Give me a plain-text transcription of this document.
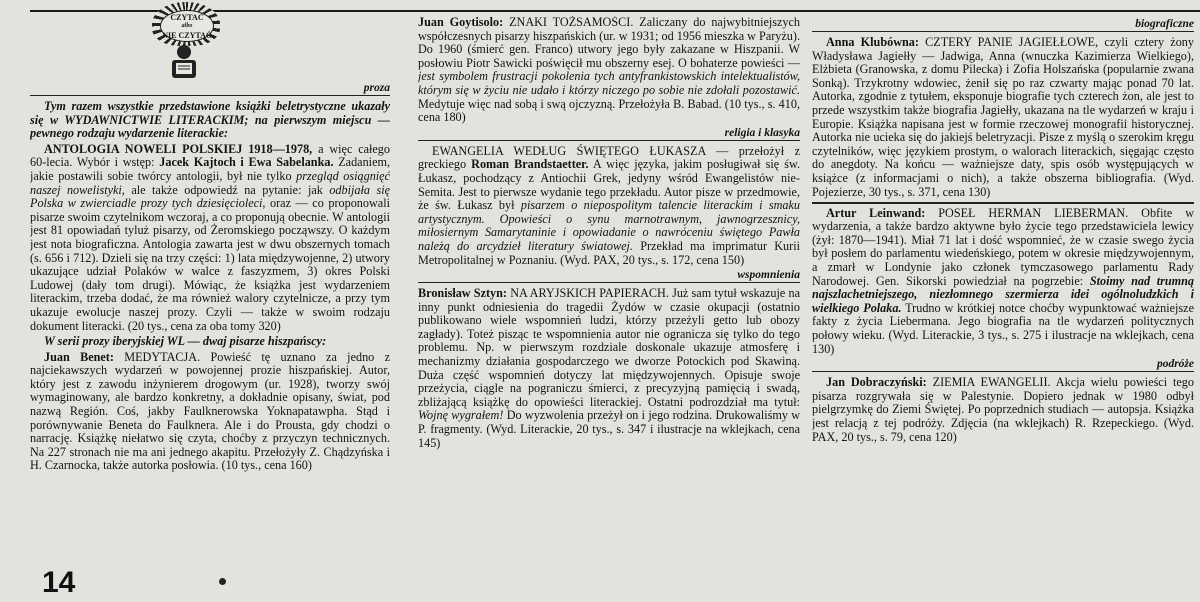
CZYTAĆ
albo
NIE CZYTAĆ
proza

Tym razem wszystkie przedstawione książki beletrystyczne ukazały się w WYDAWNICTWIE LITERACKIM; na pierwszym miejscu — pewnego rodzaju wydarzenie literackie:

ANTOLOGIA NOWELI POLSKIEJ 1918—1978, a więc całego 60-lecia. Wybór i wstęp: Jacek Kajtoch i Ewa Sabelanka. Zadaniem, jakie postawili sobie twórcy antologii, był nie tylko przegląd osiągnięć naszej nowelistyki, ale także odpowiedź na pytanie: jak odbijała się Polska w zwierciadle prozy tych dziesięcioleci, oraz — co proponowali pisarze swoim czytelnikom wczoraj, a co proponują obecnie. W antologii jest 81 opowiadań tyluż pisarzy, od Żeromskiego począwszy. O każdym jest nota biograficzna. Antologia zawarta jest w dwu obszernych tomach (s. 656 i 712). Dzieli się na trzy części: 1) lata międzywojenne, 2) utwory ukazujące udział Polaków w walce z faszyzmem, 3) okres Polski Ludowej (dały tom drugi). Mówiąc, że książka jest wydarzeniem literackim, trzeba dodać, że ma również walory czytelnicze, a przy tym ukazuje ewolucje naszej prozy. Czyli — także w swoim rodzaju dokument literacki. (20 tys., cena za oba tomy 320)

W serii prozy iberyjskiej WL — dwaj pisarze hiszpańscy:

Juan Benet: MEDYTACJA. Powieść tę uznano za jedno z najciekawszych wydarzeń w powojennej prozie hiszpańskiej. Autor, który jest z zawodu inżynierem drogowym (ur. 1928), tworzy swój wymaginowany, ale bardzo konkretny, a dokładnie opisany, świat, pod nazwą Región. Coś, jakby Faulknerowska Yoknapatawpha. Stąd i porównywanie Beneta do Faulknera. Ale i do Prousta, gdy chodzi o narrację. Książkę niełatwo się czyta, choćby z przyczyn technicznych. Na 227 stronach nie ma ani jednego akapitu. Przełożyły Z. Chądzyńska i H. Czarnocka, także autorka posłowia. (10 tys., cena 160)

Juan Goytisolo: ZNAKI TOŻSAMOŚCI. Zaliczany do najwybitniejszych współczesnych pisarzy hiszpańskich (ur. w 1931; od 1956 mieszka w Paryżu). Do 1960 (śmierć gen. Franco) utwory jego były zakazane w Hiszpanii. W posłowiu Piotr Sawicki poświęcił mu obszerny esej. O bohaterze powieści — jest symbolem frustracji pokolenia tych antyfrankistowskich intelektualistów, którym się w życiu nie udało i którzy niczego po sobie nie zdołali pozostawić. Medytuje więc nad sobą i swą ojczyzną. Przełożyła B. Babad. (10 tys., s. 410, cena 180)

religia i klasyka

EWANGELIA WEDŁUG ŚWIĘTEGO ŁUKASZA — przełożył z greckiego Roman Brandstaetter. A więc języka, jakim posługiwał się św. Łukasz, pochodzący z Antiochii Grek, jedyny wśród Ewangelistów nie-Semita. Jest to pierwsze wydanie tego przekładu. Autor pisze w przedmowie, że św. Łukasz był pisarzem o niepospolitym talencie literackim i smaku artystycznym. Opowieści o synu marnotrawnym, jawnogrzeszniсy, miłosiernym Samarytaninie i opowiadanie o nawróceniu świętego Pawła należą do arcydzieł literatury światowej. Przekład ma imprimatur Kurii Metropolitalnej w Poznaniu. (Wyd. PAX, 20 tys., s. 172, cena 150)

wspomnienia

Bronisław Sztyn: NA ARYJSKICH PAPIERACH. Już sam tytuł wskazuje na inny punkt odniesienia do tragedii Żydów w czasie okupacji (ostatnio publikowano wiele wspomnień ludzi, którzy przeżyli getto lub obozy zagłady). Toteż pisząc te wspomnienia autor nie ogranicza się tylko do tego problemu. Np. w pierwszym rozdziale doskonale ukazuje atmosferę i mechanizmy działania gospodarczego we dworze Potockich pod Skawiną. Duża część wspomnień dotyczy lat międzywojennych. Opisuje swoje przeżycia, ciągle na pograniczu śmierci, z precyzyjną pamięcią i swadą, zbliżającą książkę do opowieści literackiej. Ostatni podrozdział ma tytuł: Wojnę wygrałem! Do wyzwolenia przeżył on i jego rodzina. Drukowaliśmy w P. fragmenty. (Wyd. Literackie, 20 tys., s. 347 i ilustracje na wklejkach, cena 145)

biograficzne

Anna Klubówna: CZTERY PANIE JAGIEŁŁOWE, czyli cztery żony Władysława Jagiełły — Jadwiga, Anna (wnuczka Kazimierza Wielkiego), Elżbieta (Granowska, z domu Pilecka) i Zofia Holszańska (popularnie zwana Sonką). Trzykrotny wdowiec, żenił się po raz czwarty mając ponad 70 lat. Autorka, zgodnie z tytułem, eksponuje biografie tych czterech żon, ale jest to przede wszystkim także biografia Jagiełły, ukazana na tle wydarzeń w kraju i Europie. Książka napisana jest w formie rzeczowej monografii historycznej. Autorka nie ucieka się do jakiejś beletryzacji. Pisze z myślą o szerokim kręgu czytelników, więc językiem prostym, o walorach literackich, sięgając często do anegdoty. Na końcu — ważniejsze daty, spis osób występujących w książce (z informacjami o nich), a także obszerna bibliografia. (Wyd. Pojezierze, 30 tys., s. 371, cena 130)

Artur Leinwand: POSEŁ HERMAN LIEBERMAN. Obfite w wydarzenia, a także bardzo aktywne było życie tego przedstawiciela lewicy (żył: 1870—1941). Miał 71 lat i dość wspomnieć, że w czasie swego życia był posłem do parlamentu wiedeńskiego, potem w okresie międzywojennym, a zmarł w Londynie jako członek tymczasowego parlamentu Rady Narodowej. Gen. Sikorski powiedział na pogrzebie: Stoimy nad trumną najszlachetniejszego, niezłomnego szermierza idei ogólnoludzkich i wielkiego Polaka. Trudno w krótkiej notce choćby wypunktować ważniejsze fakty z życia Liebermana. Jego biografia na tle wydarzeń politycznych połowy wieku. (Wyd. Literackie, 3 tys., s. 275 i ilustracje na wklejkach, cena 130)

podróże

Jan Dobraczyński: ZIEMIA EWANGELII. Akcja wielu powieści tego pisarza rozgrywała się w Palestynie. Dopiero jednak w 1980 odbył pielgrzymkę do Ziemi Świętej. Po poprzednich studiach — autopsja. Książka jest relacją z tej podróży. Zdjęcia (na wklejkach) R. Rzepeckiego. (Wyd. PAX, 20 tys., s. 79, cena 120)

14
